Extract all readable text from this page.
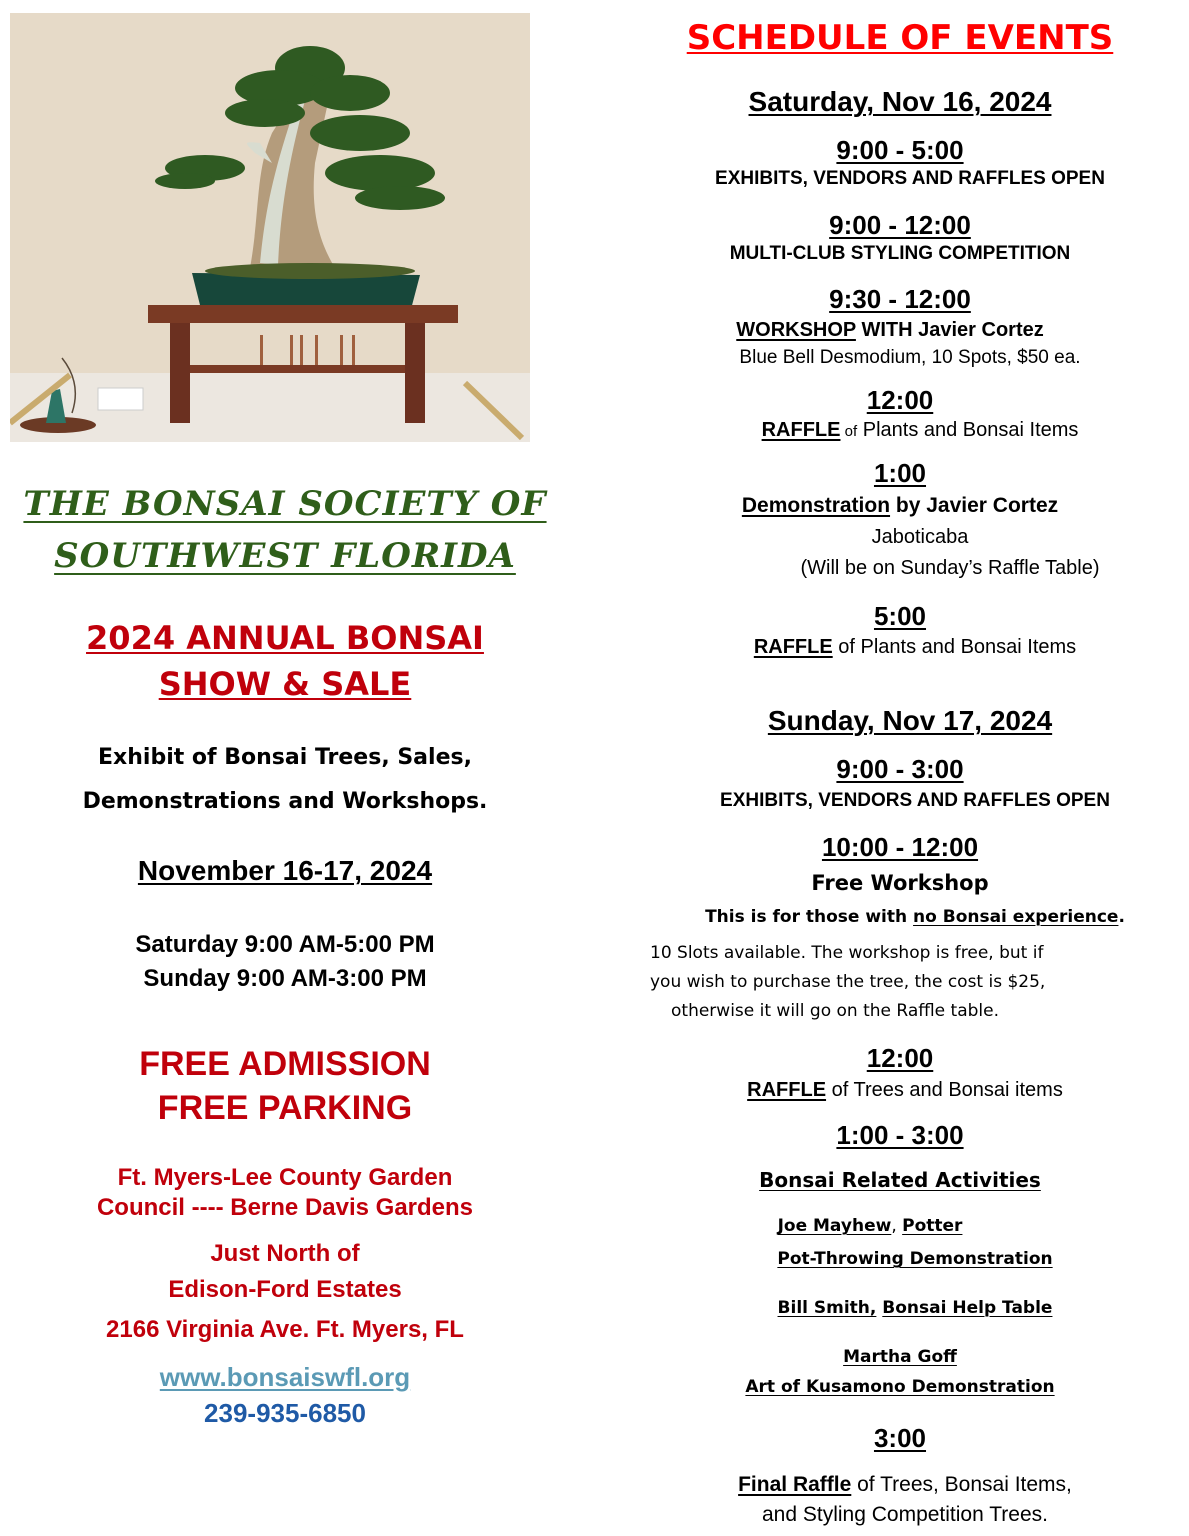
THE BONSAI SOCIETY OF
SOUTHWEST FLORIDA
2024 ANNUAL BONSAI
SHOW & SALE
Exhibit of Bonsai Trees, Sales,
Demonstrations and Workshops.
November 16-17, 2024
Saturday 9:00 AM-5:00 PM
Sunday 9:00 AM-3:00 PM
FREE ADMISSION
FREE PARKING
Ft. Myers-Lee County Garden
Council ---- Berne Davis Gardens
Just North of
Edison-Ford Estates
2166 Virginia Ave. Ft. Myers, FL
www.bonsaiswfl.org
239-935-6850
SCHEDULE OF EVENTS
Saturday, Nov 16, 2024
9:00 - 5:00
EXHIBITS, VENDORS AND RAFFLES OPEN
9:00 - 12:00
MULTI-CLUB STYLING COMPETITION
9:30 - 12:00
WORKSHOP WITH Javier Cortez
Blue Bell Desmodium, 10 Spots, $50 ea.
12:00
RAFFLE of Plants and Bonsai Items
1:00
Demonstration by Javier Cortez
Jaboticaba
(Will be on Sunday’s Raffle Table)
5:00
RAFFLE of Plants and Bonsai Items
Sunday, Nov 17, 2024
9:00 - 3:00
EXHIBITS, VENDORS AND RAFFLES OPEN
10:00 - 12:00
Free Workshop
This is for those with no Bonsai experience.
10 Slots available. The workshop is free, but if
you wish to purchase the tree, the cost is $25,
otherwise it will go on the Raffle table.
12:00
RAFFLE of Trees and Bonsai items
1:00 - 3:00
Bonsai Related Activities
Joe Mayhew, Potter
Pot-Throwing Demonstration
Bill Smith, Bonsai Help Table
Martha Goff
Art of Kusamono Demonstration
3:00
Final Raffle of Trees, Bonsai Items,
and Styling Competition Trees.
